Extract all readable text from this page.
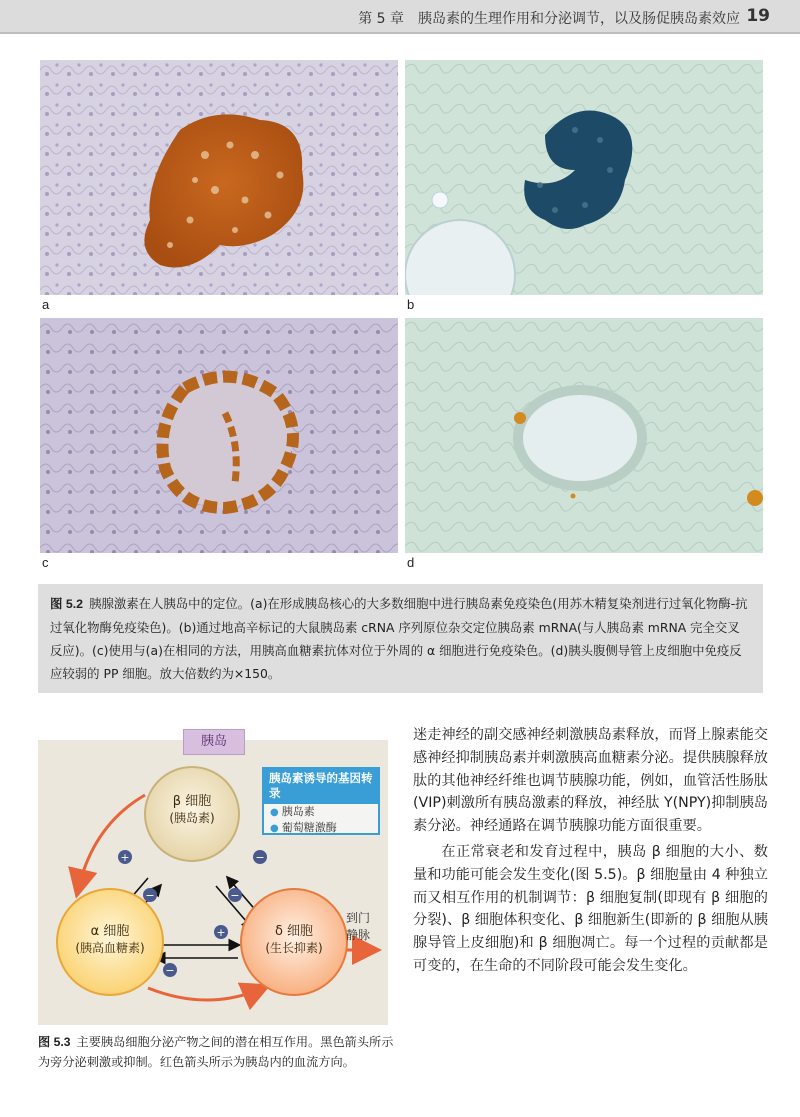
第 5 章　胰岛素的生理作用和分泌调节，以及肠促胰岛素效应 19
a	b
c	d
图 5.2 胰腺激素在人胰岛中的定位。(a)在形成胰岛核心的大多数细胞中进行胰岛素免疫染色(用苏木精复染剂进行过氧化物酶-抗过氧化物酶免疫染色)。(b)通过地高辛标记的大鼠胰岛素 cRNA 序列原位杂交定位胰岛素 mRNA(与人胰岛素 mRNA 完全交叉反应)。(c)使用与(a)在相同的方法，用胰高血糖素抗体对位于外周的 α 细胞进行免疫染色。(d)胰头腹侧导管上皮细胞中免疫反应较弱的 PP 细胞。放大倍数约为×150。
胰岛
β 细胞
(胰岛素)
α 细胞
(胰高血糖素)
δ 细胞
(生长抑素)
+
−
−
−
+
−
胰岛素诱导的基因转录
● 胰岛素
● 葡萄糖激酶
到门静脉
图 5.3 主要胰岛细胞分泌产物之间的潜在相互作用。黑色箭头所示为旁分泌刺激或抑制。红色箭头所示为胰岛内的血流方向。

迷走神经的副交感神经刺激胰岛素释放，而肾上腺素能交感神经抑制胰岛素并刺激胰高血糖素分泌。提供胰腺释放肽的其他神经纤维也调节胰腺功能，例如，血管活性肠肽(VIP)刺激所有胰岛激素的释放，神经肽 Y(NPY)抑制胰岛素分泌。神经通路在调节胰腺功能方面很重要。

在正常衰老和发育过程中，胰岛 β 细胞的大小、数量和功能可能会发生变化(图 5.5)。β 细胞量由 4 种独立而又相互作用的机制调节：β 细胞复制(即现有 β 细胞的分裂)、β 细胞体积变化、β 细胞新生(即新的 β 细胞从胰腺导管上皮细胞)和 β 细胞凋亡。每一个过程的贡献都是可变的，在生命的不同阶段可能会发生变化。
